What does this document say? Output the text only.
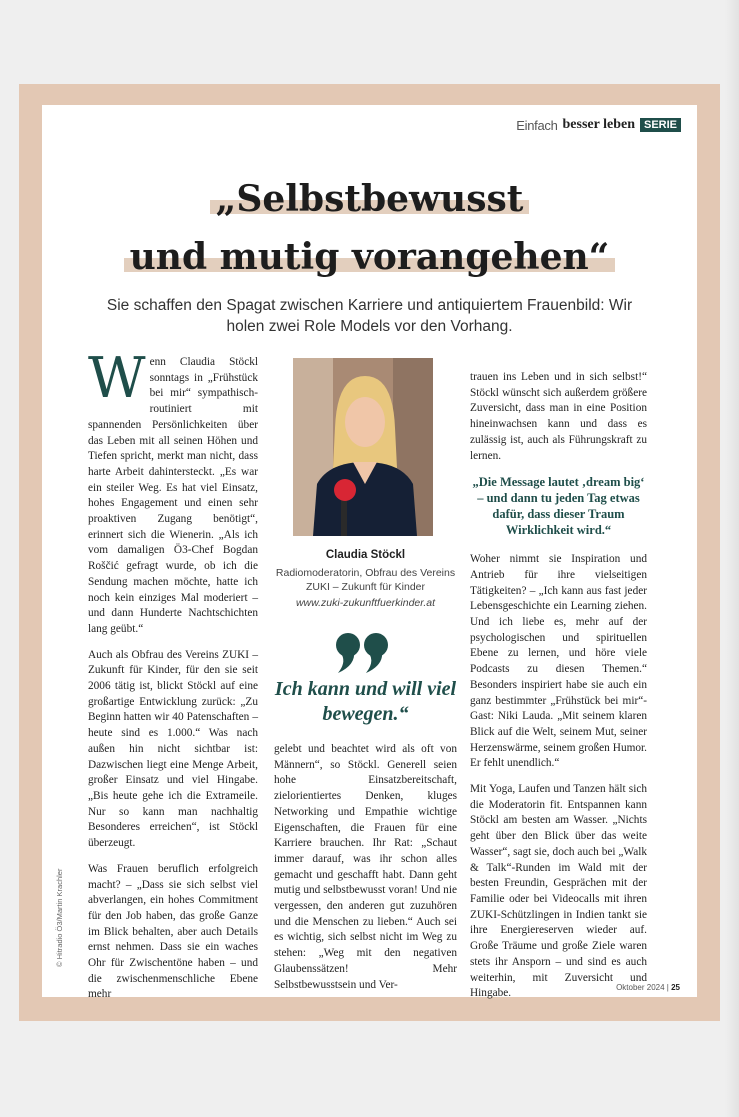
Einfach besser leben SERIE
„Selbstbewusst
und mutig vorangehen“
Sie schaffen den Spagat zwischen Karriere und antiquiertem Frauenbild: Wir holen zwei Role Models vor den Vorhang.

Wenn Claudia Stöckl sonntags in „Frühstück bei mir“ sympathisch-routiniert mit spannenden Persönlichkeiten über das Leben mit all seinen Höhen und Tiefen spricht, merkt man nicht, dass harte Arbeit dahintersteckt. „Es war ein steiler Weg. Es hat viel Einsatz, hohes Engagement und einen sehr proaktiven Zugang benötigt“, erinnert sich die Wienerin. „Als ich vom damaligen Ö3-Chef Bogdan Roščić gefragt wurde, ob ich die Sendung machen möchte, hatte ich noch kein einziges Mal moderiert – und dann Hunderte Nachtschichten lang geübt.“

Auch als Obfrau des Vereins ZUKI – Zukunft für Kinder, für den sie seit 2006 tätig ist, blickt Stöckl auf eine großartige Entwicklung zurück: „Zu Beginn hatten wir 40 Patenschaften – heute sind es 1.000.“ Was nach außen hin nicht sichtbar ist: Dazwischen liegt eine Menge Arbeit, großer Einsatz und viel Hingabe. „Bis heute gehe ich die Extrameile. Nur so kann man nachhaltig Besonderes erreichen“, ist Stöckl überzeugt.

Was Frauen beruflich erfolgreich macht? – „Dass sie sich selbst viel abverlangen, ein hohes Commitment für den Job haben, das große Ganze im Blick behalten, aber auch Details ernst nehmen. Dass sie ein waches Ohr für Zwischentöne haben – und die zwischenmenschliche Ebene mehr

Claudia Stöckl
Radiomoderatorin, Obfrau des Vereins ZUKI – Zukunft für Kinder
www.zuki-zukunftfuerkinder.at
Ich kann und will viel bewegen.“

gelebt und beachtet wird als oft von Männern“, so Stöckl. Generell seien hohe Einsatzbereitschaft, zielorientiertes Denken, kluges Networking und Empathie wichtige Eigenschaften, die Frauen für eine Karriere brauchen. Ihr Rat: „Schaut immer darauf, was ihr schon alles gemacht und geschafft habt. Dann geht mutig und selbstbewusst voran! Und nie vergessen, den anderen gut zuzuhören und die Menschen zu lieben.“ Auch sei es wichtig, sich selbst nicht im Weg zu stehen: „Weg mit den negativen Glaubenssätzen! Mehr Selbstbewusstsein und Ver-

trauen ins Leben und in sich selbst!“ Stöckl wünscht sich außerdem größere Zuversicht, dass man in eine Position hineinwachsen kann und dass es zulässig ist, auch als Führungskraft zu lernen.

„Die Message lautet ‚dream big‘ – und dann tu jeden Tag etwas dafür, dass dieser Traum Wirklichkeit wird.“

Woher nimmt sie Inspiration und Antrieb für ihre vielseitigen Tätigkeiten? – „Ich kann aus fast jeder Lebensgeschichte ein Learning ziehen. Und ich liebe es, mehr auf der psychologischen und spirituellen Ebene zu lernen, und höre viele Podcasts zu diesen Themen.“ Besonders inspiriert habe sie auch ein ganz bestimmter „Frühstück bei mir“-Gast: Niki Lauda. „Mit seinem klaren Blick auf die Welt, seinem Mut, seiner Herzenswärme, seinem großen Humor. Er fehlt unendlich.“

Mit Yoga, Laufen und Tanzen hält sich die Moderatorin fit. Entspannen kann Stöckl am besten am Wasser. „Nichts geht über den Blick über das weite Wasser“, sagt sie, doch auch bei „Walk & Talk“-Runden im Wald mit der besten Freundin, Gesprächen mit der Familie oder bei Videocalls mit ihren ZUKI-Schützlingen in Indien tankt sie ihre Energiereserven wieder auf. Große Träume und große Ziele waren stets ihr Ansporn – und sind es auch weiterhin, mit Zuversicht und Hingabe.

© Hitradio Ö3/Martin Krachler
Oktober 2024 | 25
